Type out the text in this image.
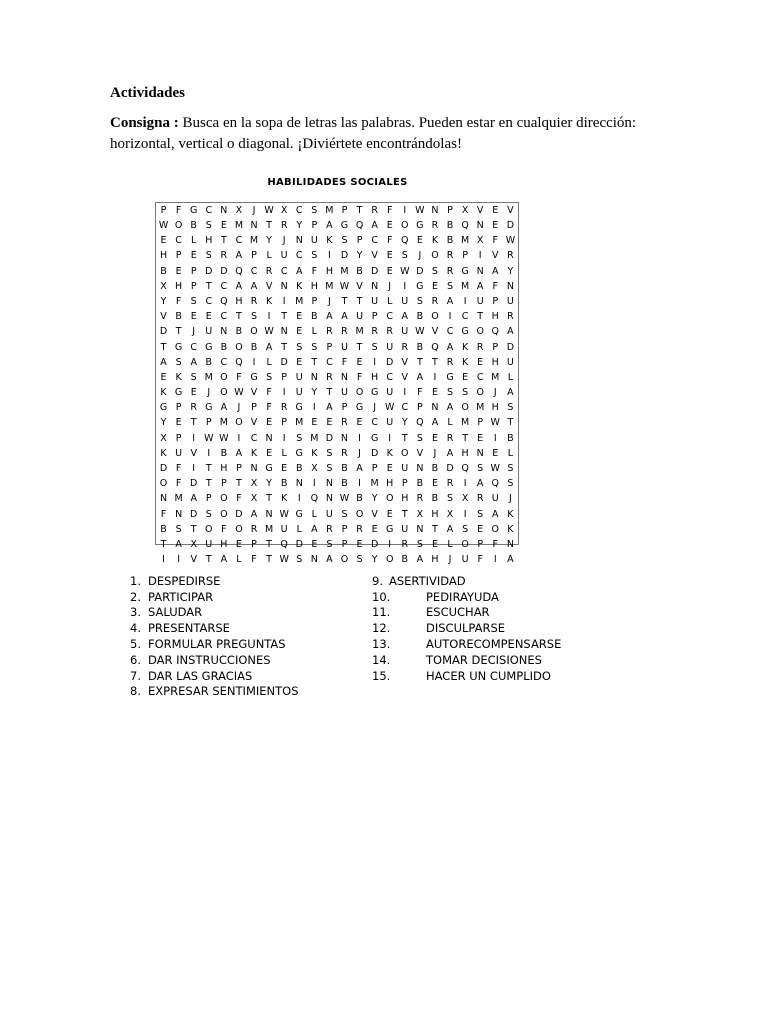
Actividades
Consigna : Busca en la sopa de letras las palabras. Pueden estar en cualquier dirección: horizontal, vertical o diagonal. ¡Diviértete encontrándolas!
HABILIDADES SOCIALES
P	F	G	C	N	X	J	W	X	C	S	M	P	T	R	F	I	W	N	P	X	V	E	V
W	O	B	S	E	M	N	T	R	Y	P	A	G	Q	A	E	O	G	R	B	Q	N	E	D
E	C	L	H	T	C	M	Y	J	N	U	K	S	P	C	F	Q	E	K	B	M	X	F	W
H	P	E	S	R	A	P	L	U	C	S	I	D	Y	V	E	S	J	O	R	P	I	V	R
B	E	P	D	D	Q	C	R	C	A	F	H	M	B	D	E	W	D	S	R	G	N	A	Y
X	H	P	T	C	A	A	V	N	K	H	M	W	V	N	J	I	G	E	S	M	A	F	N
Y	F	S	C	Q	H	R	K	I	M	P	J	T	T	U	L	U	S	R	A	I	U	P	U
V	B	E	E	C	T	S	I	T	E	B	A	A	U	P	C	A	B	O	I	C	T	H	R
D	T	J	U	N	B	O	W	N	E	L	R	R	M	R	R	U	W	V	C	G	O	Q	A
T	G	C	G	B	O	B	A	T	S	S	P	U	T	S	U	R	B	Q	A	K	R	P	D
A	S	A	B	C	Q	I	L	D	E	T	C	F	E	I	D	V	T	T	R	K	E	H	U
E	K	S	M	O	F	G	S	P	U	N	R	N	F	H	C	V	A	I	G	E	C	M	L
K	G	E	J	O	W	V	F	I	U	Y	T	U	O	G	U	I	F	E	S	S	O	J	A
G	P	R	G	A	J	P	F	R	G	I	A	P	G	J	W	C	P	N	A	O	M	H	S
Y	E	T	P	M	O	V	E	P	M	E	E	R	E	C	U	Y	Q	A	L	M	P	W	T
X	P	I	W	W	I	C	N	I	S	M	D	N	I	G	I	T	S	E	R	T	E	I	B
K	U	V	I	B	A	K	E	L	G	K	S	R	J	D	K	O	V	J	A	H	N	E	L
D	F	I	T	H	P	N	G	E	B	X	S	B	A	P	E	U	N	B	D	Q	S	W	S
O	F	D	T	P	T	X	Y	B	N	I	N	B	I	M	H	P	B	E	R	I	A	Q	S
N	M	A	P	O	F	X	T	K	I	Q	N	W	B	Y	O	H	R	B	S	X	R	U	J
F	N	D	S	O	D	A	N	W	G	L	U	S	O	V	E	T	X	H	X	I	S	A	K
B	S	T	O	F	O	R	M	U	L	A	R	P	R	E	G	U	N	T	A	S	E	O	K
T	A	X	U	H	E	P	T	Q	D	E	S	P	E	D	I	R	S	E	L	O	P	F	N
I	I	V	T	A	L	F	T	W	S	N	A	O	S	Y	O	B	A	H	J	U	F	I	A
1. DESPEDIRSE
2. PARTICIPAR
3. SALUDAR
4. PRESENTARSE
5. FORMULAR PREGUNTAS
6. DAR INSTRUCCIONES
7. DAR LAS GRACIAS
8. EXPRESAR SENTIMIENTOS
9. ASERTIVIDAD
10.	PEDIRAYUDA
11.	ESCUCHAR
12.	DISCULPARSE
13.	AUTORECOMPENSARSE
14.	TOMAR DECISIONES
15.	HACER UN CUMPLIDO
